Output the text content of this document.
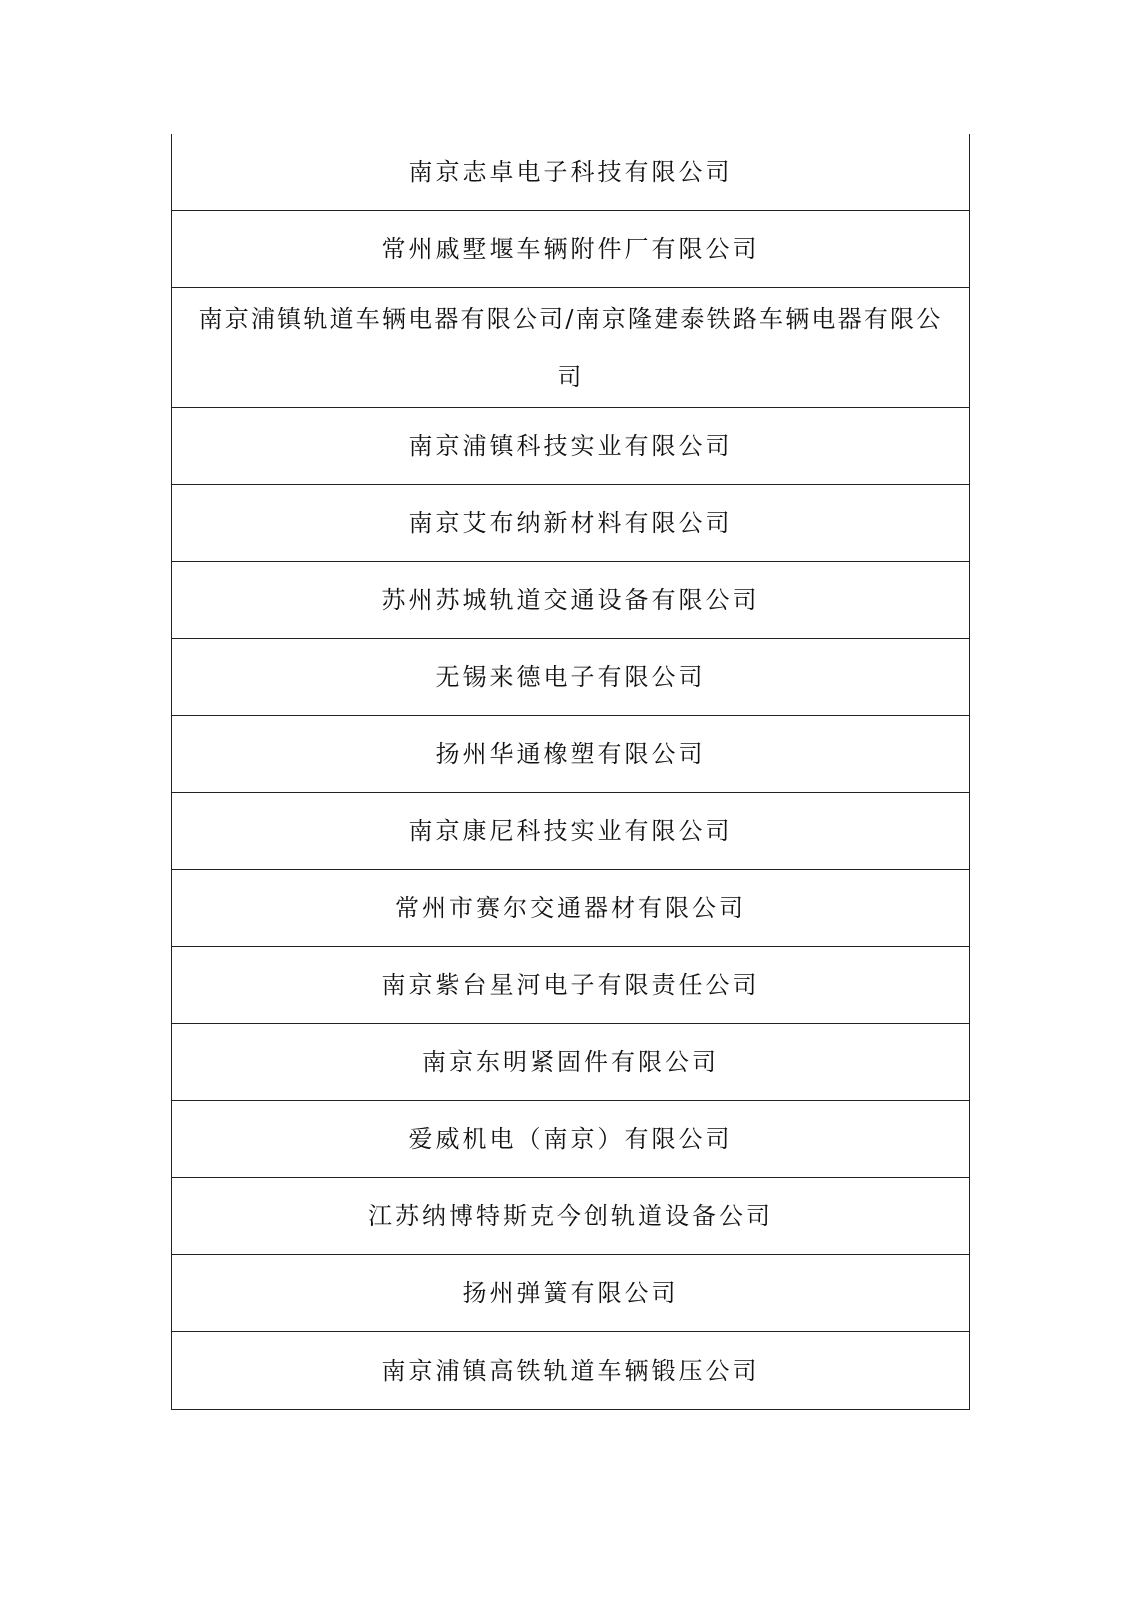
南京志卓电子科技有限公司
常州戚墅堰车辆附件厂有限公司
南京浦镇轨道车辆电器有限公司/南京隆建泰铁路车辆电器有限公司
南京浦镇科技实业有限公司
南京艾布纳新材料有限公司
苏州苏城轨道交通设备有限公司
无锡来德电子有限公司
扬州华通橡塑有限公司
南京康尼科技实业有限公司
常州市赛尔交通器材有限公司
南京紫台星河电子有限责任公司
南京东明紧固件有限公司
爱威机电（南京）有限公司
江苏纳博特斯克今创轨道设备公司
扬州弹簧有限公司
南京浦镇高铁轨道车辆锻压公司
